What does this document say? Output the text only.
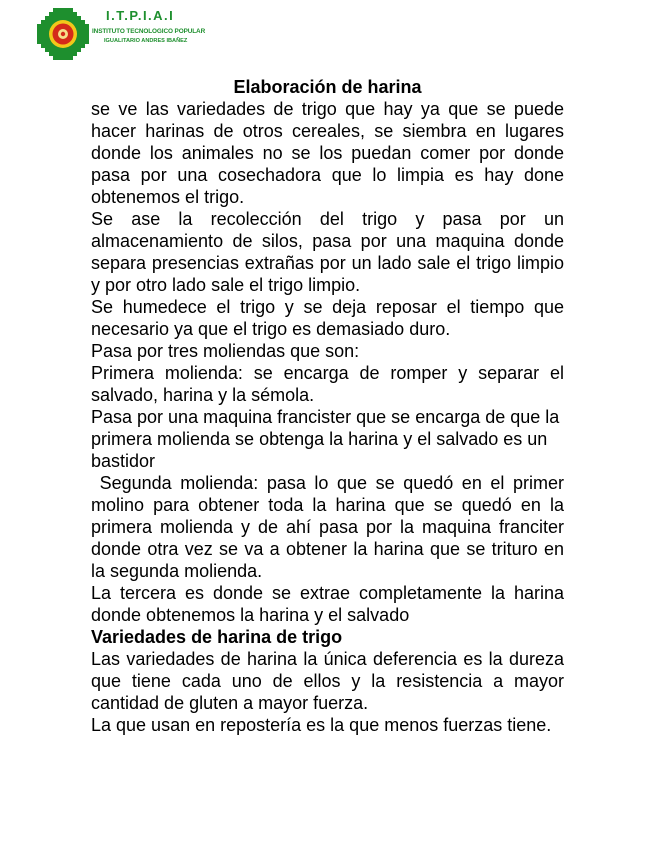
I.T.P.I.A.I
INSTITUTO TECNOLOGICO POPULAR
IGUALITARIO ANDRES IBAÑEZ
Elaboración de harina

se ve las variedades de trigo que hay ya que se puede hacer harinas de otros cereales, se siembra en lugares donde los animales no se los puedan comer por donde pasa por una cosechadora que lo limpia es hay done obtenemos el trigo.

Se ase la recolección del trigo y pasa por un almacenamiento de silos, pasa por una maquina donde separa presencias extrañas por un lado sale el trigo limpio y por otro lado sale el trigo limpio.

Se humedece el trigo y se deja reposar el tiempo que necesario ya que el trigo es demasiado duro.

Pasa por tres moliendas que son:

Primera molienda: se encarga de romper y separar el salvado, harina y la sémola.

Pasa por una maquina francister que se encarga de que la primera molienda se obtenga la harina y el salvado es un bastidor

Segunda molienda: pasa lo que se quedó en el primer molino para obtener toda la harina que se quedó en la primera molienda y de ahí pasa por la maquina franciter donde otra vez se va a obtener la harina que se trituro en la segunda molienda.

La tercera es donde se extrae completamente la harina donde obtenemos la harina y el salvado

Variedades de harina de trigo

Las variedades de harina la única deferencia es la dureza que tiene cada uno de ellos y la resistencia a mayor cantidad de gluten a mayor fuerza.

La que usan en repostería es la que menos fuerzas tiene.
